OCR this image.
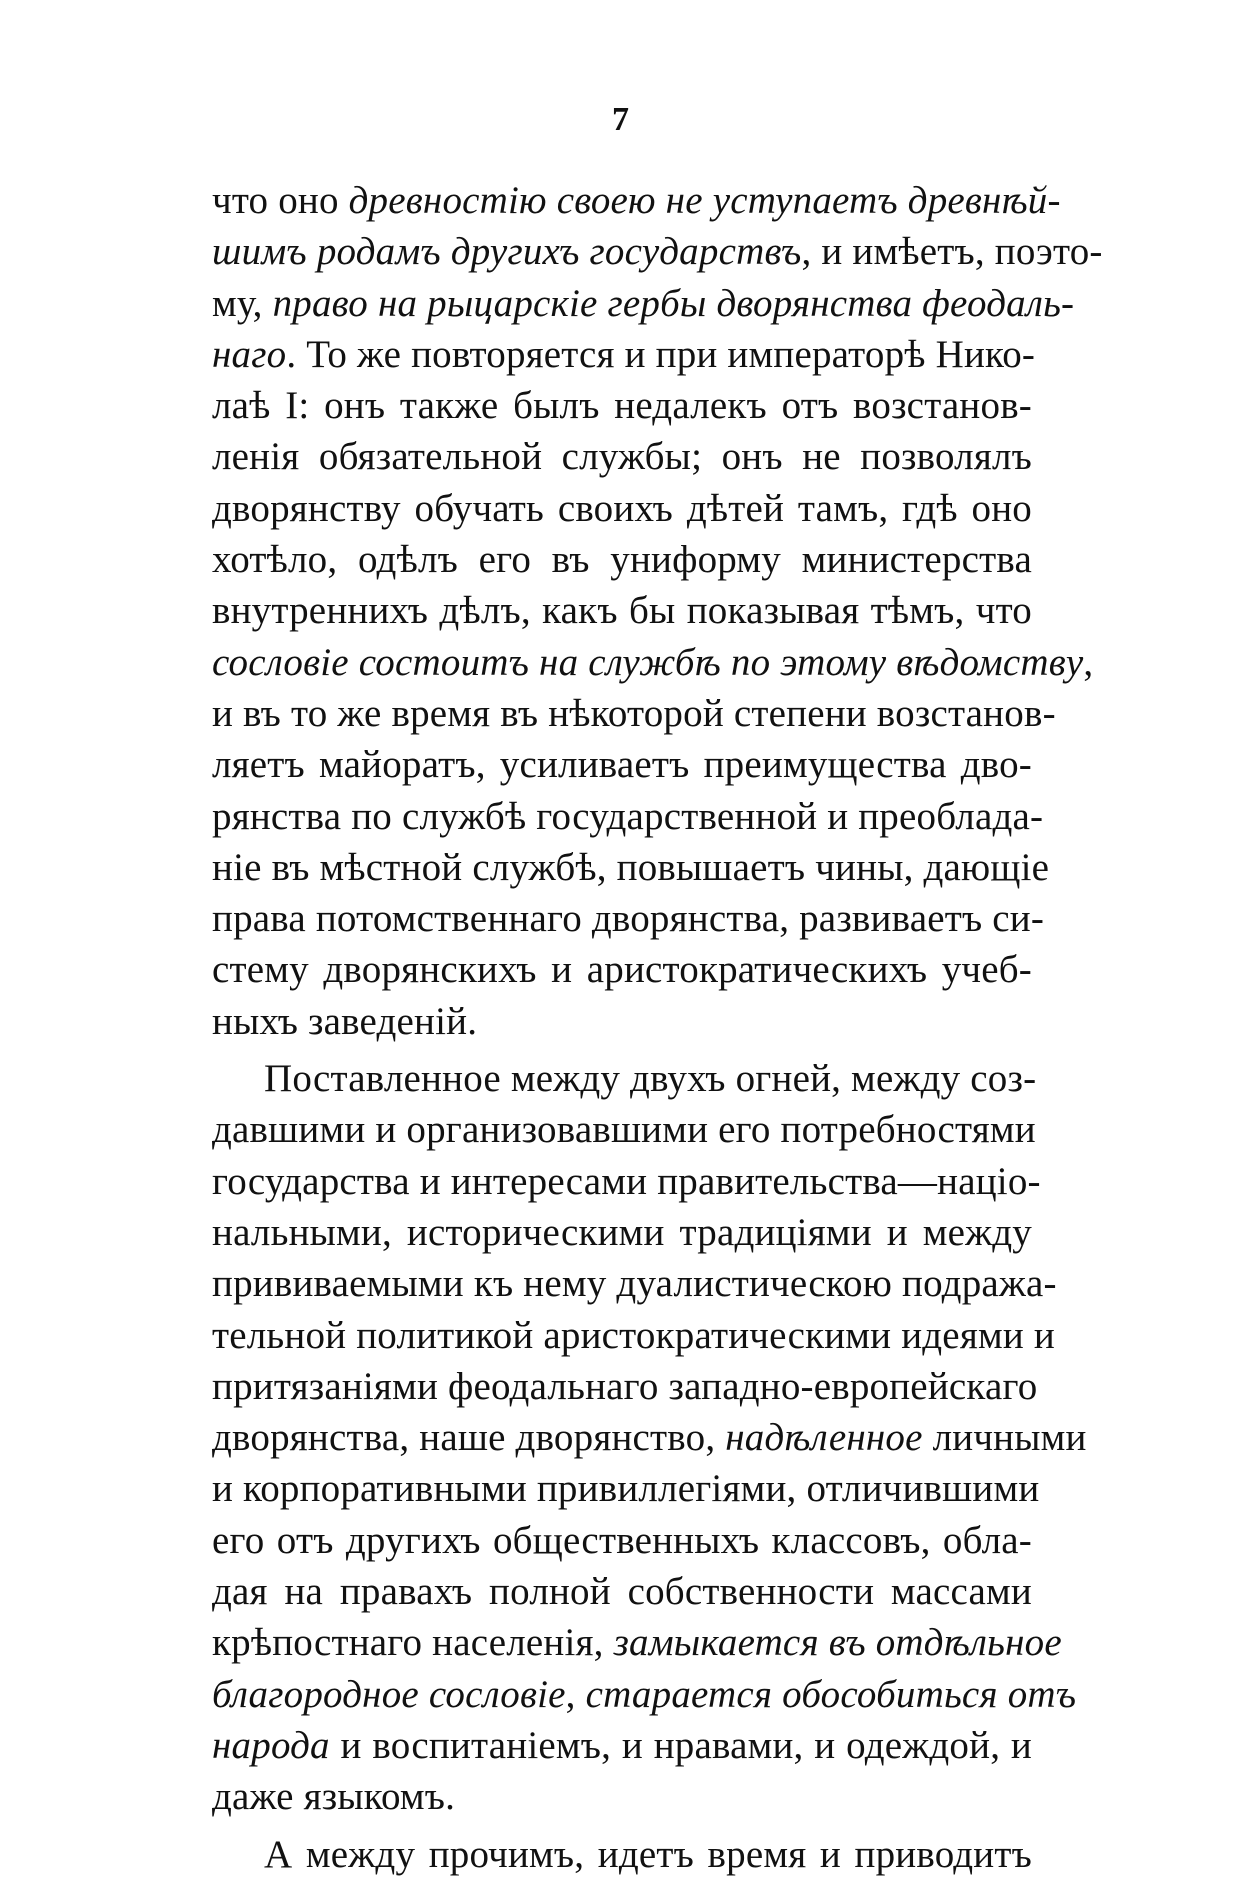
7
что оно древностію своею не уступаетъ древнѣй-
шимъ родамъ другихъ государствъ, и имѣетъ, поэто-
му, право на рыцарскіе гербы дворянства феодаль-
наго. То же повторяется и при императорѣ Нико-
лаѣ I: онъ также былъ недалекъ отъ возстанов-
ленія обязательной службы; онъ не позволялъ
дворянству обучать своихъ дѣтей тамъ, гдѣ оно
хотѣло, одѣлъ его въ униформу министерства
внутреннихъ дѣлъ, какъ бы показывая тѣмъ, что
сословіе состоитъ на службѣ по этому вѣдомству,
и въ то же время въ нѣкоторой степени возстанов-
ляетъ майоратъ, усиливаетъ преимущества дво-
рянства по службѣ государственной и преоблада-
ніе въ мѣстной службѣ, повышаетъ чины, дающіе
права потомственнаго дворянства, развиваетъ си-
стему дворянскихъ и аристократическихъ учеб-
ныхъ заведеній.
Поставленное между двухъ огней, между соз-
давшими и организовавшими его потребностями
государства и интересами правительства—націо-
нальными, историческими традиціями и между
прививаемыми къ нему дуалистическою подража-
тельной политикой аристократическими идеями и
притязаніями феодальнаго западно-европейскаго
дворянства, наше дворянство, надѣленное личными
и корпоративными привиллегіями, отличившими
его отъ другихъ общественныхъ классовъ, обла-
дая на правахъ полной собственности массами
крѣпостнаго населенія, замыкается въ отдѣльное
благородное сословіе, старается обособиться отъ
народа и воспитаніемъ, и нравами, и одеждой, и
даже языкомъ.
А между прочимъ, идетъ время и приводитъ
